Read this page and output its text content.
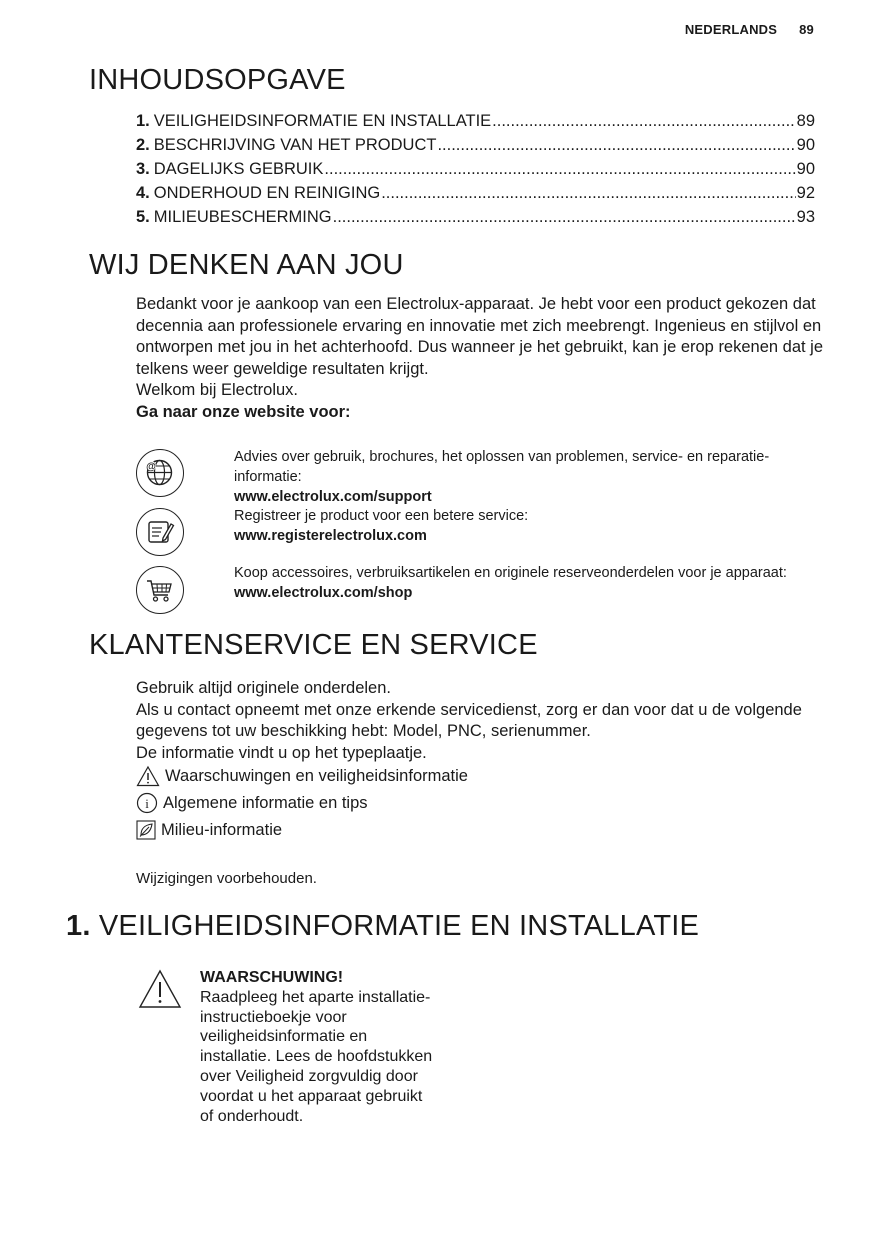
NEDERLANDS 89
INHOUDSOPGAVE
1. VEILIGHEIDSINFORMATIE EN INSTALLATIE .....	89
2. BESCHRIJVING VAN HET PRODUCT .....	90
3. DAGELIJKS GEBRUIK .....	90
4. ONDERHOUD EN REINIGING .....	92
5. MILIEUBESCHERMING .....	93
WIJ DENKEN AAN JOU
Bedankt voor je aankoop van een Electrolux-apparaat. Je hebt voor een product gekozen dat decennia aan professionele ervaring en innovatie met zich meebrengt. Ingenieus en stijlvol en ontworpen met jou in het achterhoofd. Dus wanneer je het gebruikt, kan je erop rekenen dat je telkens weer geweldige resultaten krijgt.
Welkom bij Electrolux.
Ga naar onze website voor:
@
Advies over gebruik, brochures, het oplossen van problemen, service- en reparatie-informatie:
www.electrolux.com/support
Registreer je product voor een betere service:
www.registerelectrolux.com
Koop accessoires, verbruiksartikelen en originele reserveonderdelen voor je apparaat:
www.electrolux.com/shop
KLANTENSERVICE EN SERVICE
Gebruik altijd originele onderdelen.
Als u contact opneemt met onze erkende servicedienst, zorg er dan voor dat u de volgende gegevens tot uw beschikking hebt: Model, PNC, serienummer.
De informatie vindt u op het typeplaatje.
Waarschuwingen en veiligheidsinformatie
i Algemene informatie en tips
Milieu-informatie
Wijzigingen voorbehouden.
1. VEILIGHEIDSINFORMATIE EN INSTALLATIE
WAARSCHUWING!
Raadpleeg het aparte installatie-instructieboekje voor veiligheidsinformatie en installatie. Lees de hoofdstukken over Veiligheid zorgvuldig door voordat u het apparaat gebruikt of onderhoudt.
